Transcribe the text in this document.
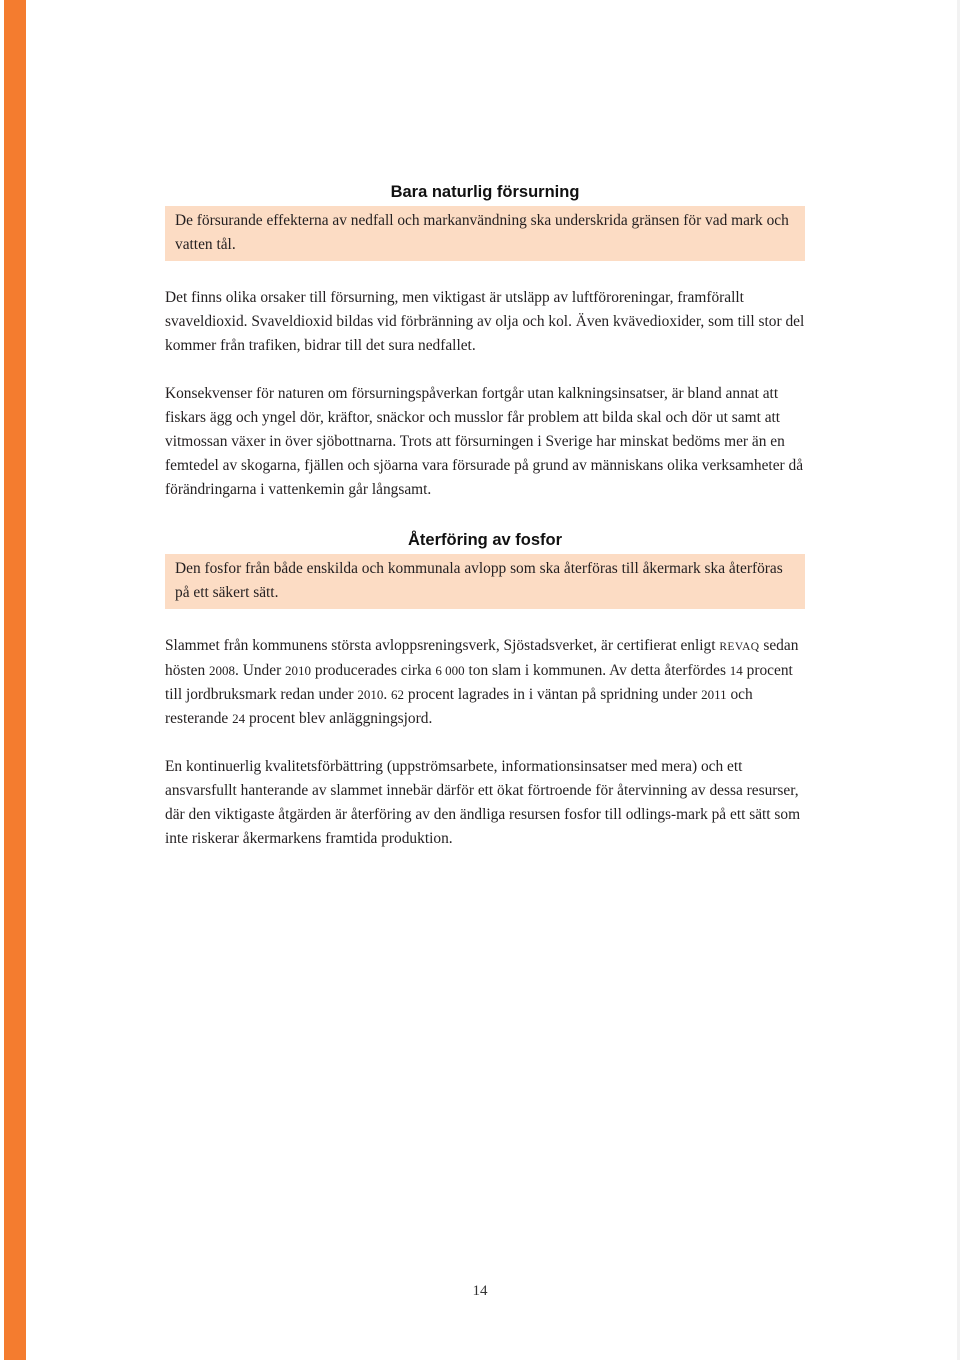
Bara naturlig försurning
De försurande effekterna av nedfall och markanvändning ska underskrida gränsen för vad mark och vatten tål.

Det finns olika orsaker till försurning, men viktigast är utsläpp av luftföroreningar, framförallt svaveldioxid. Svaveldioxid bildas vid förbränning av olja och kol. Även kvävedioxider, som till stor del kommer från trafiken, bidrar till det sura nedfallet.

Konsekvenser för naturen om försurningspåverkan fortgår utan kalkningsinsatser, är bland annat att fiskars ägg och yngel dör, kräftor, snäckor och musslor får problem att bilda skal och dör ut samt att vitmossan växer in över sjöbottnarna. Trots att försurningen i Sverige har minskat bedöms mer än en femtedel av skogarna, fjällen och sjöarna vara försurade på grund av människans olika verksamheter då förändringarna i vattenkemin går långsamt.

Återföring av fosfor
Den fosfor från både enskilda och kommunala avlopp som ska återföras till åkermark ska återföras på ett säkert sätt.

Slammet från kommunens största avloppsreningsverk, Sjöstadsverket, är certifierat enligt REVAQ sedan hösten 2008. Under 2010 producerades cirka 6 000 ton slam i kommunen. Av detta återfördes 14 procent till jordbruksmark redan under 2010. 62 procent lagrades in i väntan på spridning under 2011 och resterande 24 procent blev anläggningsjord.

En kontinuerlig kvalitetsförbättring (uppströmsarbete, informationsinsatser med mera) och ett ansvarsfullt hanterande av slammet innebär därför ett ökat förtroende för återvinning av dessa resurser, där den viktigaste åtgärden är återföring av den ändliga resursen fosfor till odlings-mark på ett sätt som inte riskerar åkermarkens framtida produktion.

14
